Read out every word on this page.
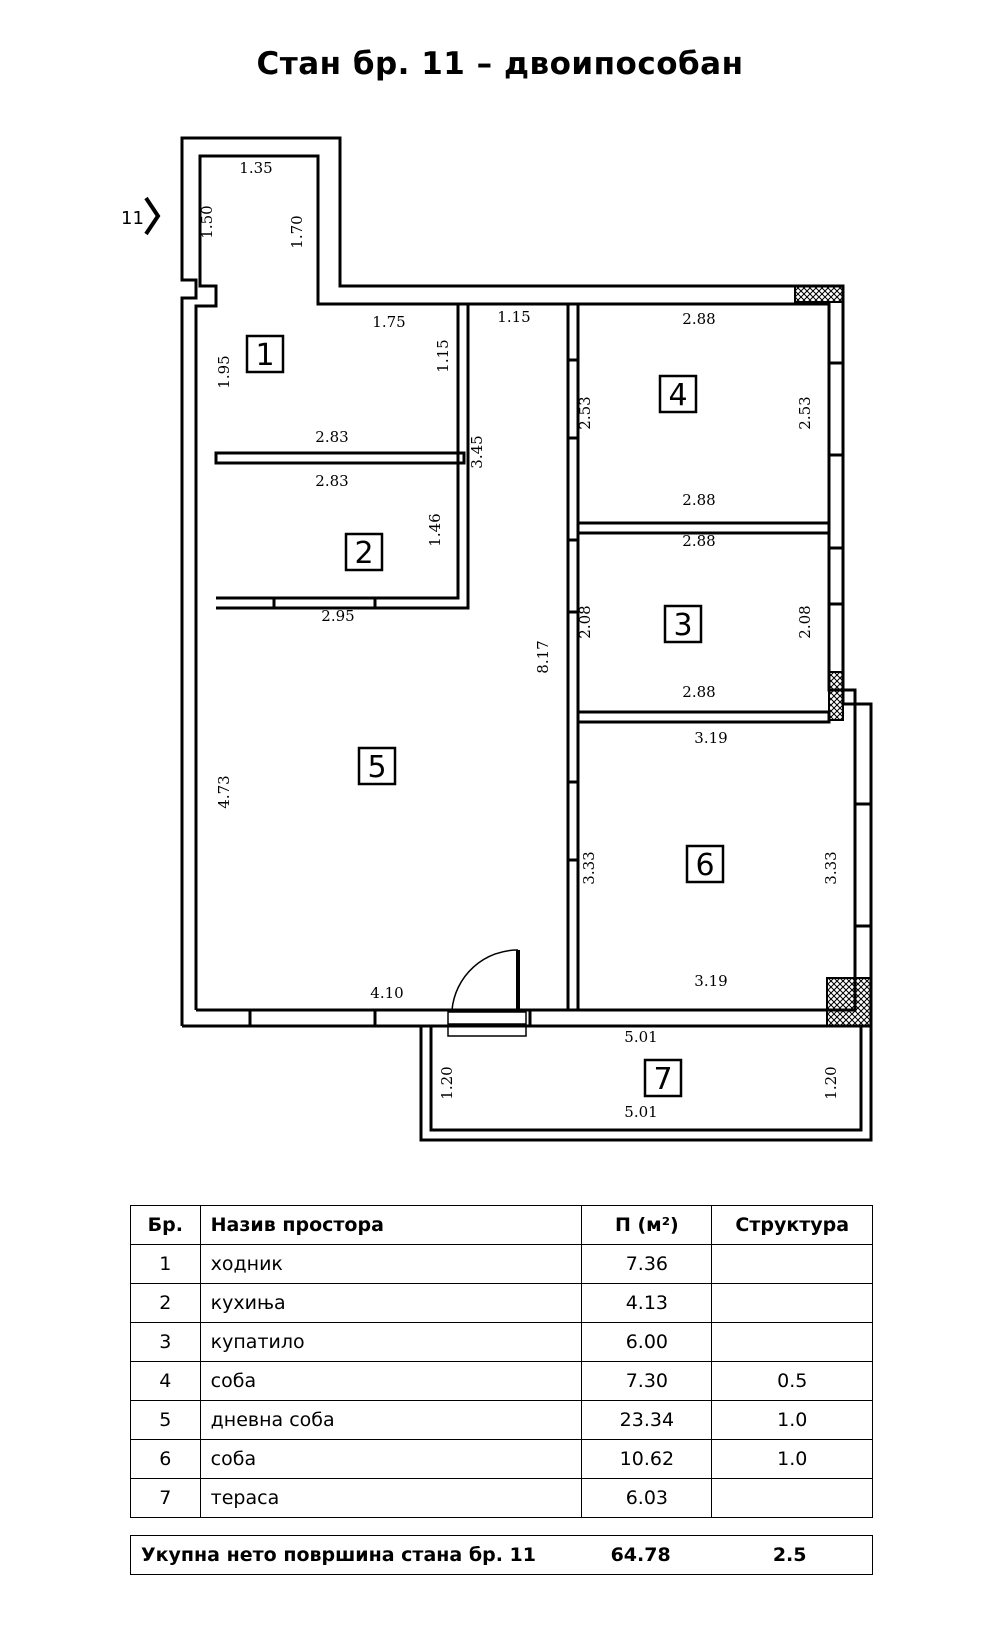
Стан бр. 11 – двоипособан
11
1
2
3
4
5
6
7
1.35
1.75	1.15
2.83
2.83
2.95
2.88
2.88
2.88
2.88
3.19
3.19
4.10
5.01
5.01
1.50	1.70
1.95	1.15
3.45
1.46
8.17
2.53	2.53
2.08	2.08
4.73
3.33	3.33
1.20	1.20
Бр.	Назив простора	П (м²)	Структура
1	ходник	7.36	
2	кухиња	4.13	
3	купатило	6.00	
4	соба	7.30	0.5
5	дневна соба	23.34	1.0
6	соба	10.62	1.0
7	тераса	6.03	
Укупна нето површина стана бр. 11	64.78	2.5
